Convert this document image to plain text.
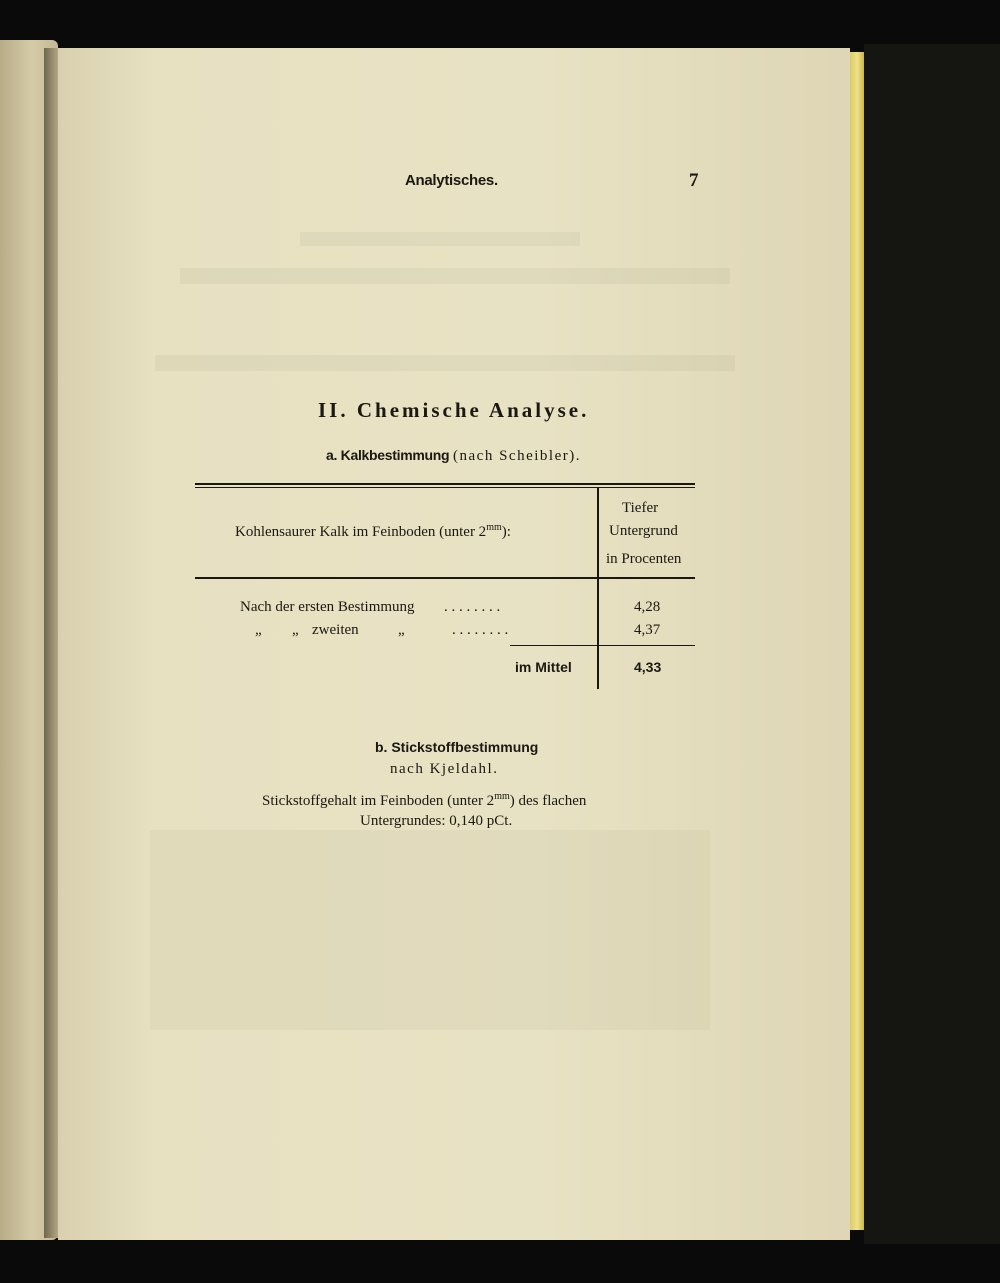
Analytisches.	7
II. Chemische Analyse.
a. Kalkbestimmung (nach Scheibler).
Kohlensaurer Kalk im Feinboden (unter $2^{mm}$):
Tiefer
Untergrund
in Procenten
Nach der ersten Bestimmung . . . . . . . .	4,28
„ „ zweiten	„	. . . . . . . .	4,37
im Mittel	4,33
b. Stickstoffbestimmung
nach Kjeldahl.
Stickstoffgehalt im Feinboden (unter $2^{mm}$) des flachen
Untergrundes: 0,140 pCt.
